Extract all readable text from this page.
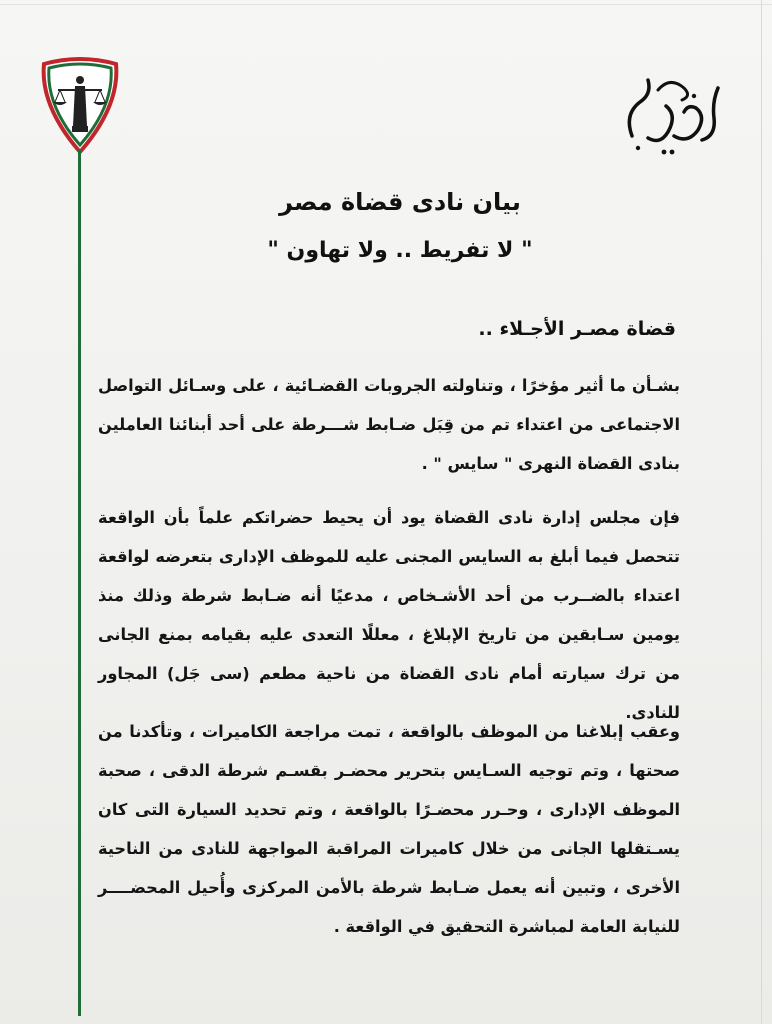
بيان نادى قضاة مصر
" لا تفريط .. ولا تهاون "
قضاة مصـر الأجـلاء ..
بشـأن ما أثير مؤخرًا ، وتناولته الجروبات القضـائية ، على وسـائل التواصل الاجتماعى من اعتداء تم من قِبَل ضـابط شـــرطة على أحد أبنائنا العاملين بنادى القضاة النهرى " سايس " .
فإن مجلس إدارة نادى القضاة يود أن يحيط حضراتكم علماً بأن الواقعة تتحصل فيما أبلغ به السايس المجنى عليه للموظف الإدارى بتعرضه لواقعة اعتداء بالضــرب من أحد الأشـخاص ، مدعيًا أنه ضـابط شرطة وذلك منذ يومين سـابقين من تاريخ الإبلاغ ، معللًا التعدى عليه بقيامه بمنع الجانى من ترك سيارته أمام نادى القضاة من ناحية مطعم (سى جَل) المجاور للنادى.
وعقب إبلاغنا من الموظف بالواقعة ، تمت مراجعة الكاميرات ، وتأكدنا من صحتها ، وتم توجيه السـايس بتحرير محضـر بقسـم شرطة الدقى ، صحبة الموظف الإدارى ، وحـرر محضـرًا بالواقعة ، وتم تحديد السيارة التى كان يسـتقلها الجانى من خلال كاميرات المراقبة المواجهة للنادى من الناحية الأخرى ، وتبين أنه يعمل ضـابط شرطة بالأمن المركزى وأُحيل المحضــــر للنيابة العامة لمباشرة التحقيق في الواقعة .
